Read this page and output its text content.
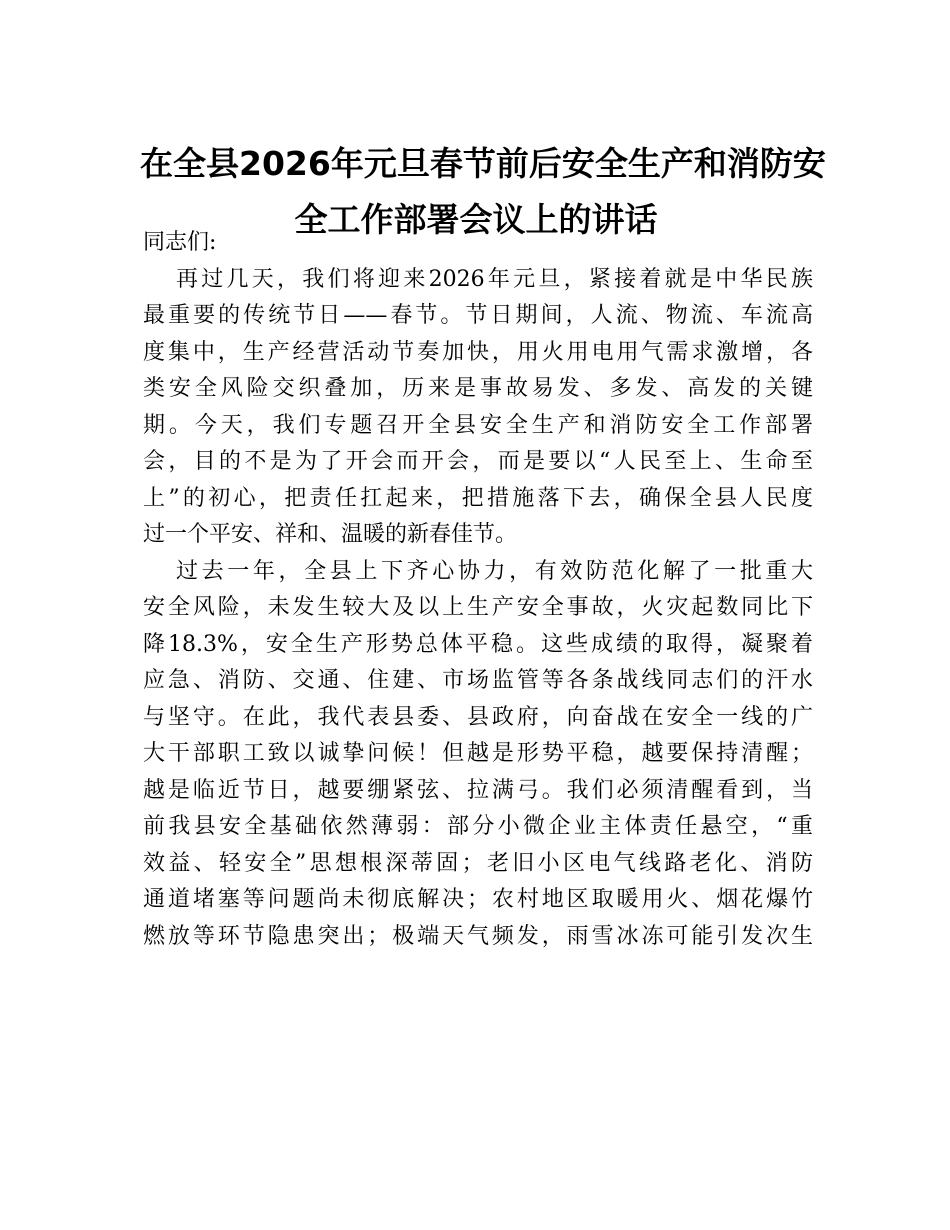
在全县2026年元旦春节前后安全生产和消防安
全工作部署会议上的讲话
同志们:
再过几天，我们将迎来2026年元旦，紧接着就是中华民族
最重要的传统节日——春节。节日期间，人流、物流、车流高
度集中，生产经营活动节奏加快，用火用电用气需求激增，各
类安全风险交织叠加，历来是事故易发、多发、高发的关键
期。今天，我们专题召开全县安全生产和消防安全工作部署
会，目的不是为了开会而开会，而是要以“人民至上、生命至
上”的初心，把责任扛起来，把措施落下去，确保全县人民度
过一个平安、祥和、温暖的新春佳节。
过去一年，全县上下齐心协力，有效防范化解了一批重大
安全风险，未发生较大及以上生产安全事故，火灾起数同比下
降18.3%，安全生产形势总体平稳。这些成绩的取得，凝聚着
应急、消防、交通、住建、市场监管等各条战线同志们的汗水
与坚守。在此，我代表县委、县政府，向奋战在安全一线的广
大干部职工致以诚挚问候！但越是形势平稳，越要保持清醒；
越是临近节日，越要绷紧弦、拉满弓。我们必须清醒看到，当
前我县安全基础依然薄弱：部分小微企业主体责任悬空，“重
效益、轻安全”思想根深蒂固；老旧小区电气线路老化、消防
通道堵塞等问题尚未彻底解决；农村地区取暖用火、烟花爆竹
燃放等环节隐患突出；极端天气频发，雨雪冰冻可能引发次生
